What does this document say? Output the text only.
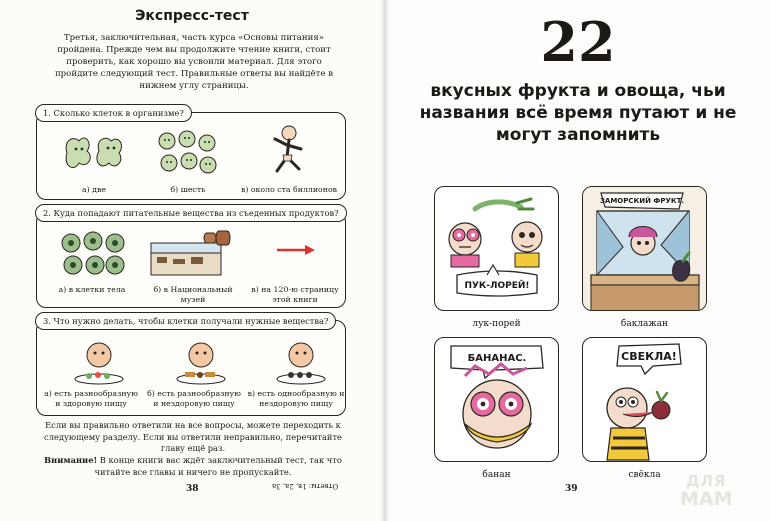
Экспресс-тест
Третья, заключительная, часть курса «Основы питания» пройдена. Прежде чем вы продолжите чтение книги, стоит проверить, как хорошо вы усвоили материал. Для этого пройдите следующий тест. Правильные ответы вы найдёте в нижнем углу страницы.
1. Сколько клеток в организме?
а) две	б) шесть	в) около ста биллионов
2. Куда попадают питательные вещества из съеденных продуктов?
а) в клетки тела	б) в Национальный музей
в) на 120-ю страницу этой книги
3. Что нужно делать, чтобы клетки получали нужные вещества?
а) есть разнообразную и здоровую пищу
б) есть разнообразную и нездоровую пищу
в) есть однообразную и нездоровую пищу
Если вы правильно ответили на все вопросы, можете переходить к следующему разделу. Если вы ответили неправильно, перечитайте главу ещё раз.
Внимание! В конце книги вас ждёт заключительный тест, так что читайте все главы и ничего не пропускайте.
38	Ответы: 1в, 2а, 3а
22
вкусных фрукта и овоща, чьи названия всё время путают и не могут запомнить
ПУК-ЛОРЕЙ!
ЗАМОРСКИЙ ФРУКТ.
БАНАНАС.	СВЕКЛА!
лук-порей	баклажан
банан	свёкла
39	ДЛЯ
МАМ
